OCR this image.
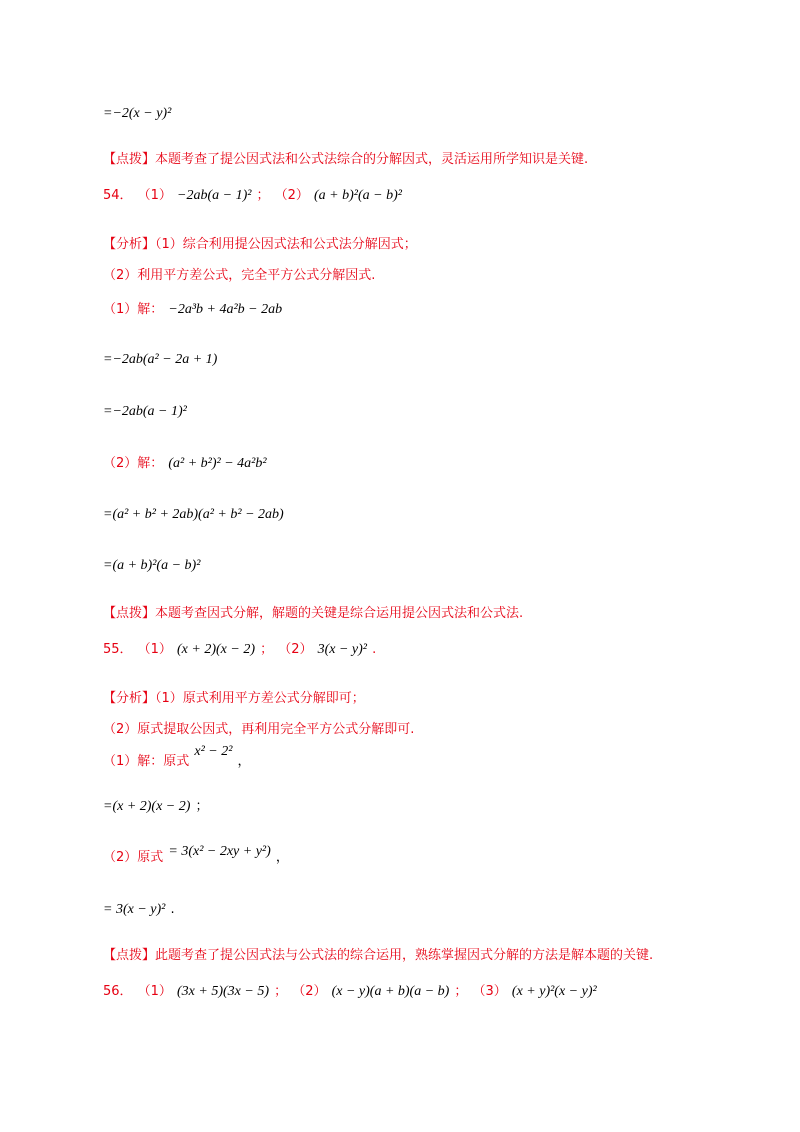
=−2(x − y)²
【点拨】本题考查了提公因式法和公式法综合的分解因式，灵活运用所学知识是关键.
54． （1） −2ab(a − 1)² ； （2） (a + b)²(a − b)²
【分析】（1）综合利用提公因式法和公式法分解因式；
（2）利用平方差公式，完全平方公式分解因式.
（1）解： −2a³b + 4a²b − 2ab
=−2ab(a² − 2a + 1)
=−2ab(a − 1)²
（2）解： (a² + b²)² − 4a²b²
=(a² + b² + 2ab)(a² + b² − 2ab)
=(a + b)²(a − b)²
【点拨】本题考查因式分解，解题的关键是综合运用提公因式法和公式法.
55． （1） (x + 2)(x − 2) ； （2） 3(x − y)² .
【分析】（1）原式利用平方差公式分解即可；
（2）原式提取公因式，再利用完全平方公式分解即可.
（1）解：原式 x² − 2² ，
=(x + 2)(x − 2) ；
（2）原式 = 3(x² − 2xy + y²) ，
= 3(x − y)² .
【点拨】此题考查了提公因式法与公式法的综合运用，熟练掌握因式分解的方法是解本题的关键.
56． （1） (3x + 5)(3x − 5) ； （2） (x − y)(a + b)(a − b) ； （3） (x + y)²(x − y)²
